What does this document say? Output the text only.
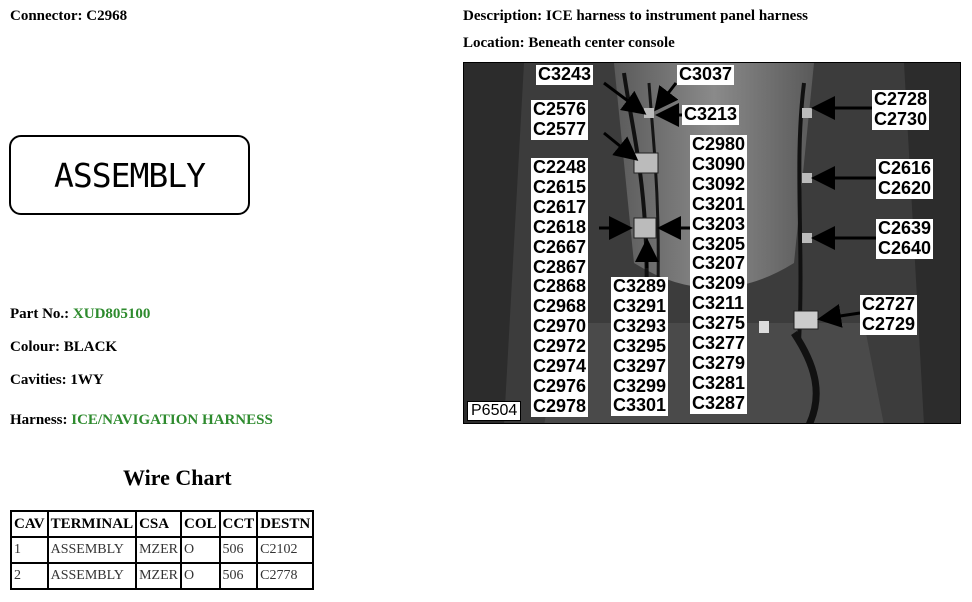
Connector: C2968	Description: ICE harness to instrument panel harness
Location: Beneath center console
ASSEMBLY
Part No.: XUD805100
Colour: BLACK
Cavities: 1WY
Harness: ICE/NAVIGATION HARNESS
Wire Chart
CAV	TERMINAL	CSA	COL	CCT	DESTN
1	ASSEMBLY	MZER	O	506	C2102
2	ASSEMBLY	MZER	O	506	C2778
C3243	C3037
C3213
C2576
C2577
C2248
C2615
C2617
C2618
C2667
C2867
C2868
C2968
C2970
C2972
C2974
C2976
C2978
C3289
C3291
C3293
C3295
C3297
C3299
C3301
C2980
C3090
C3092
C3201
C3203
C3205
C3207
C3209
C3211
C3275
C3277
C3279
C3281
C3287
C2728
C2730
C2616
C2620
C2639
C2640
C2727
C2729
P6504
